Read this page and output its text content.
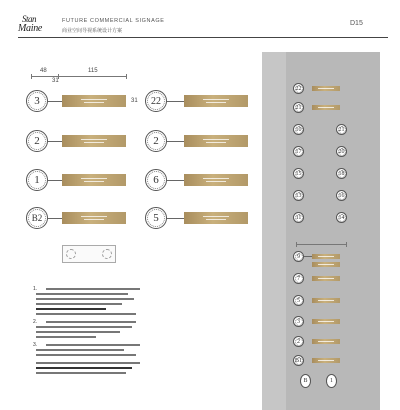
Stan
Maine
FUTURE COMMERCIAL SIGNAGE
商业空间导视系统设计方案
D15
48
31
115
31
3
2
1
B2
22
2
6
5
1.
2.
3.
22
21
10	21
17	20
15	18
13	16
11	14
9
7
5
3
2
B1
B	1
